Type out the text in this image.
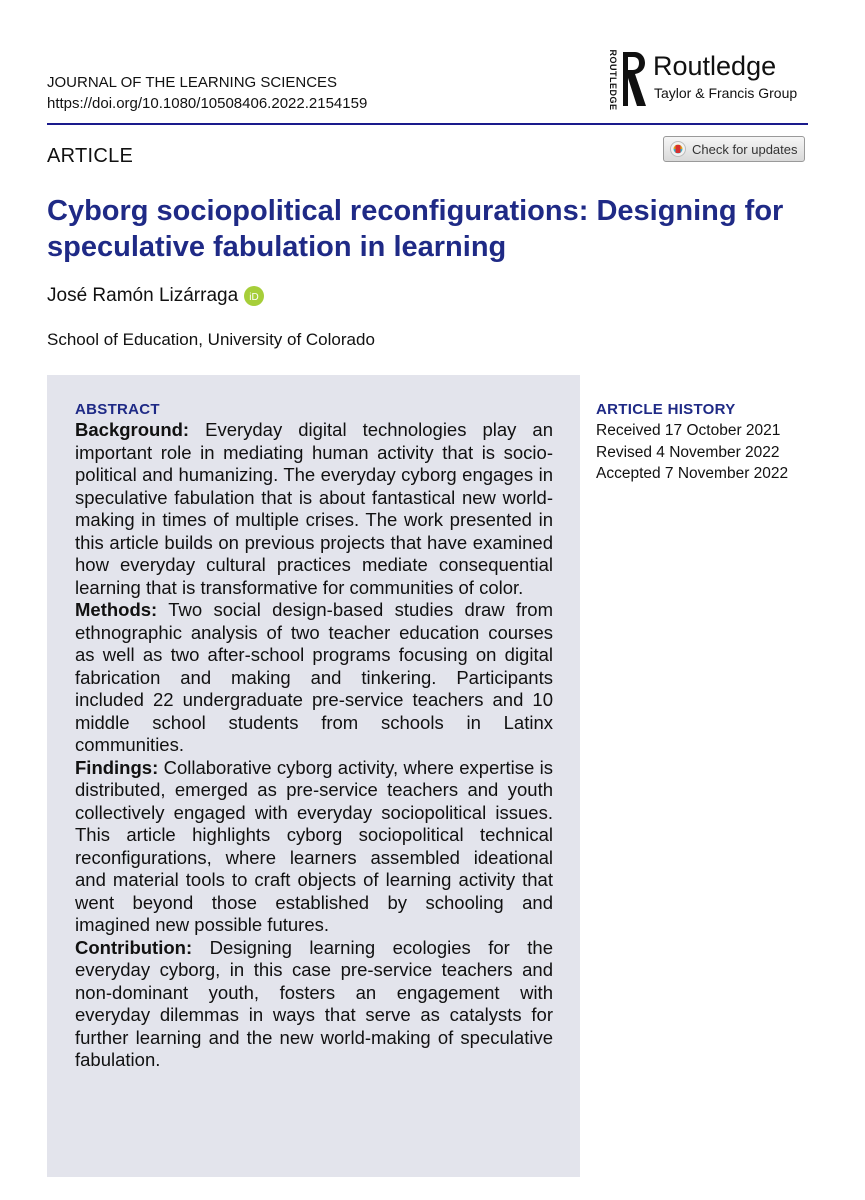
JOURNAL OF THE LEARNING SCIENCES
https://doi.org/10.1080/10508406.2022.2154159	ROUTLEDGE Routledge
Taylor & Francis Group
ARTICLE	Check for updates
Cyborg sociopolitical reconfigurations: Designing for speculative fabulation in learning
José Ramón Lizárraga iD
School of Education, University of Colorado
ABSTRACT

Background: Everyday digital technologies play an important role in mediating human activity that is socio-political and humanizing. The everyday cyborg engages in speculative fabulation that is about fantastical new world-making in times of multiple crises. The work presented in this article builds on previous projects that have examined how everyday cultural practices mediate consequential learning that is transformative for communities of color.

Methods: Two social design-based studies draw from ethnographic analysis of two teacher education courses as well as two after-school programs focusing on digital fabrication and making and tinkering. Participants included 22 undergraduate pre-service teachers and 10 middle school students from schools in Latinx communities.

Findings: Collaborative cyborg activity, where expertise is distributed, emerged as pre-service teachers and youth collectively engaged with everyday sociopolitical issues. This article highlights cyborg sociopolitical technical reconfigurations, where learners assembled ideational and material tools to craft objects of learning activity that went beyond those established by schooling and imagined new possible futures.

Contribution: Designing learning ecologies for the everyday cyborg, in this case pre-service teachers and non-dominant youth, fosters an engagement with everyday dilemmas in ways that serve as catalysts for further learning and the new world-making of speculative fabulation.

ARTICLE HISTORY
Received 17 October 2021
Revised 4 November 2022
Accepted 7 November 2022
